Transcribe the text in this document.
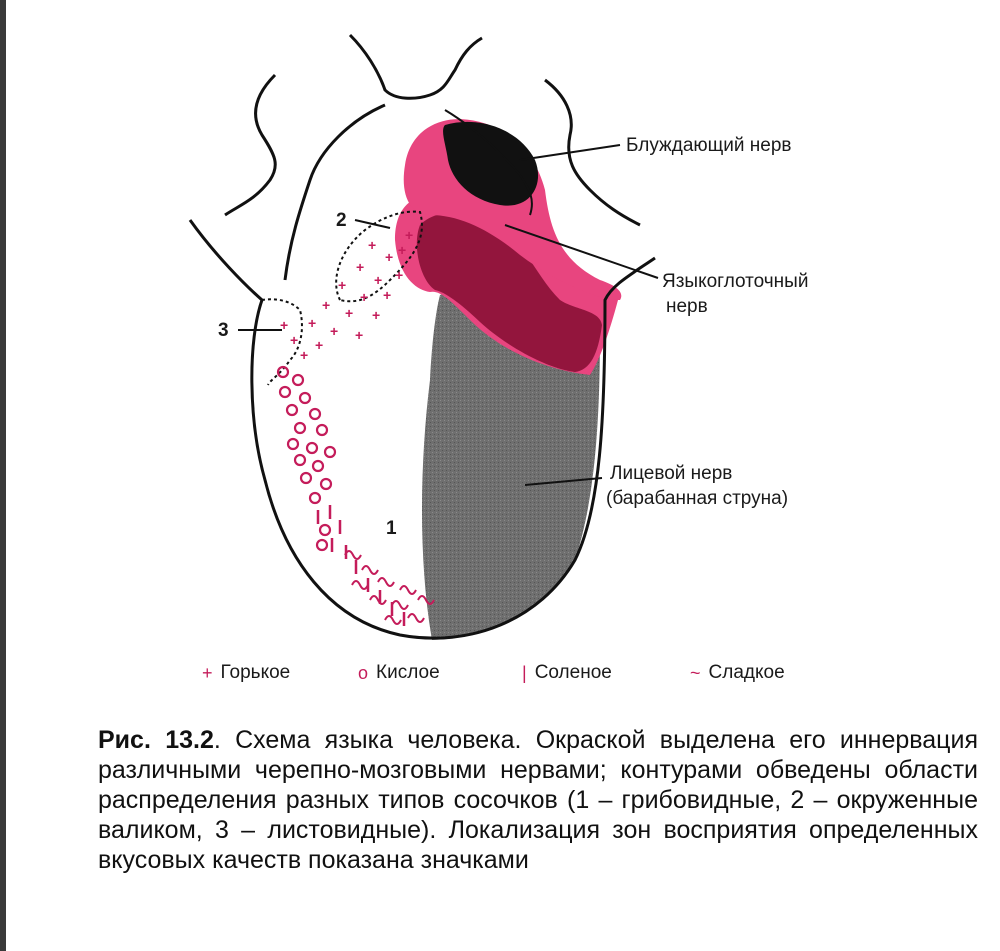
+
+
+
+ +
+
+ +
+ + +
+ + +
+ +
+
+
+
+
Блуждающий нерв
Языкоглоточный
нерв
Лицевой нерв
(барабанная струна)
1
2
3
+ Горькое	o Кислое	| Соленое	~ Сладкое
Рис. 13.2. Схема языка человека. Окраской выделена его иннервация различными черепно-мозговыми нервами; контурами обведены области распределения разных типов сосочков (1 – грибовидные, 2 – окруженные валиком, 3 – листовидные). Локализация зон восприятия определенных вкусовых качеств показана значками
